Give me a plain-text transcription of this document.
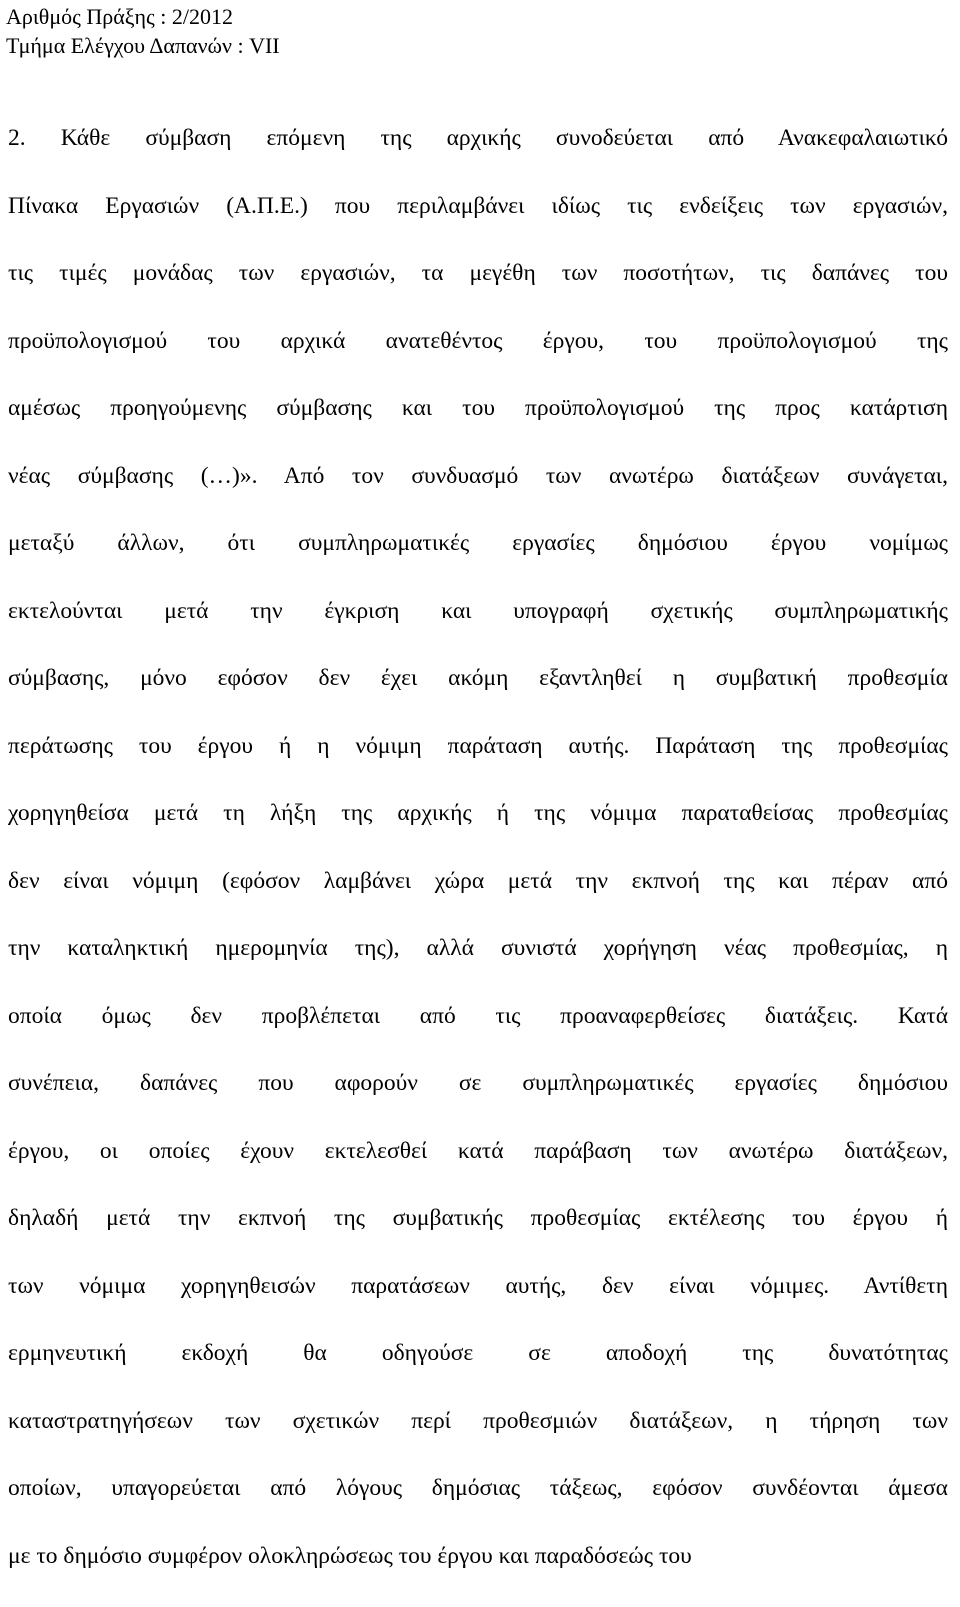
Αριθμός Πράξης : 2/2012
Τμήμα Ελέγχου Δαπανών : VII
2. Κάθε σύμβαση επόμενη της αρχικής συνοδεύεται από Ανακεφαλαιωτικό
Πίνακα Εργασιών (Α.Π.Ε.) που περιλαμβάνει ιδίως τις ενδείξεις των εργασιών,
τις τιμές μονάδας των εργασιών, τα μεγέθη των ποσοτήτων, τις δαπάνες του
προϋπολογισμού του αρχικά ανατεθέντος έργου, του προϋπολογισμού της
αμέσως προηγούμενης σύμβασης και του προϋπολογισμού της προς κατάρτιση
νέας σύμβασης (…)». Από τον συνδυασμό των ανωτέρω διατάξεων συνάγεται,
μεταξύ άλλων, ότι συμπληρωματικές εργασίες δημόσιου έργου νομίμως
εκτελούνται μετά την έγκριση και υπογραφή σχετικής συμπληρωματικής
σύμβασης, μόνο εφόσον δεν έχει ακόμη εξαντληθεί η συμβατική προθεσμία
περάτωσης του έργου ή η νόμιμη παράταση αυτής. Παράταση της προθεσμίας
χορηγηθείσα μετά τη λήξη της αρχικής ή της νόμιμα παραταθείσας προθεσμίας
δεν είναι νόμιμη (εφόσον λαμβάνει χώρα μετά την εκπνοή της και πέραν από
την καταληκτική ημερομηνία της), αλλά συνιστά χορήγηση νέας προθεσμίας, η
οποία όμως δεν προβλέπεται από τις προαναφερθείσες διατάξεις. Κατά
συνέπεια, δαπάνες που αφορούν σε συμπληρωματικές εργασίες δημόσιου
έργου, οι οποίες έχουν εκτελεσθεί κατά παράβαση των ανωτέρω διατάξεων,
δηλαδή μετά την εκπνοή της συμβατικής προθεσμίας εκτέλεσης του έργου ή
των νόμιμα χορηγηθεισών παρατάσεων αυτής, δεν είναι νόμιμες. Αντίθετη
ερμηνευτική εκδοχή θα οδηγούσε σε αποδοχή της δυνατότητας
καταστρατηγήσεων των σχετικών περί προθεσμιών διατάξεων, η τήρηση των
οποίων, υπαγορεύεται από λόγους δημόσιας τάξεως, εφόσον συνδέονται άμεσα
με το δημόσιο συμφέρον ολοκληρώσεως του έργου και παραδόσεώς του
